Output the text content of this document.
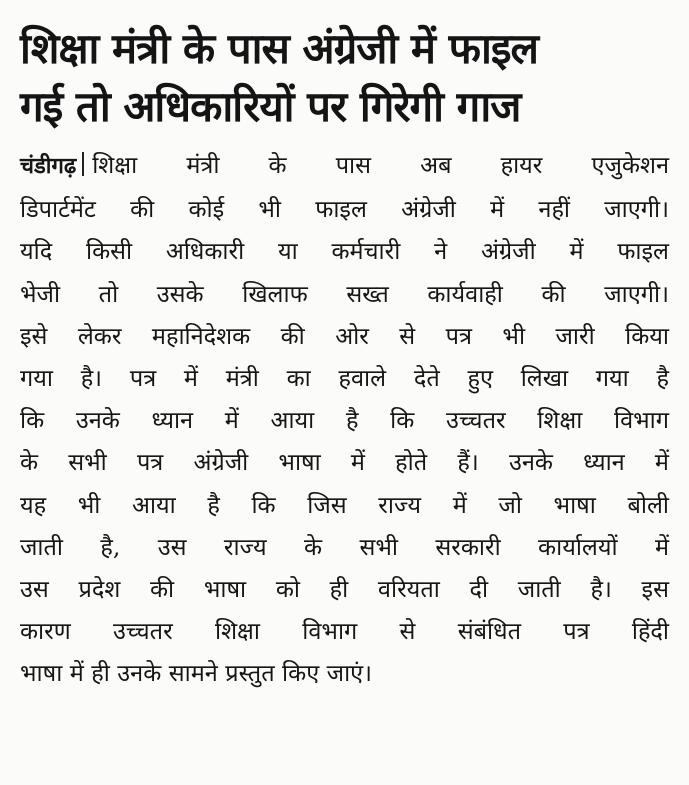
शिक्षा मंत्री के पास अंग्रेजी में फाइल
गई तो अधिकारियों पर गिरेगी गाज
चंडीगढ़ शिक्षा मंत्री के पास अब हायर एजुकेशन
डिपार्टमेंट की कोई भी फाइल अंग्रेजी में नहीं जाएगी।
यदि किसी अधिकारी या कर्मचारी ने अंग्रेजी में फाइल
भेजी तो उसके खिलाफ सख्त कार्यवाही की जाएगी।
इसे लेकर महानिदेशक की ओर से पत्र भी जारी किया
गया है। पत्र में मंत्री का हवाले देते हुए लिखा गया है
कि उनके ध्यान में आया है कि उच्चतर शिक्षा विभाग
के सभी पत्र अंग्रेजी भाषा में होते हैं। उनके ध्यान में
यह भी आया है कि जिस राज्य में जो भाषा बोली
जाती है, उस राज्य के सभी सरकारी कार्यालयों में
उस प्रदेश की भाषा को ही वरियता दी जाती है। इस
कारण उच्चतर शिक्षा विभाग से संबंधित पत्र हिंदी
भाषा में ही उनके सामने प्रस्तुत किए जाएं।
